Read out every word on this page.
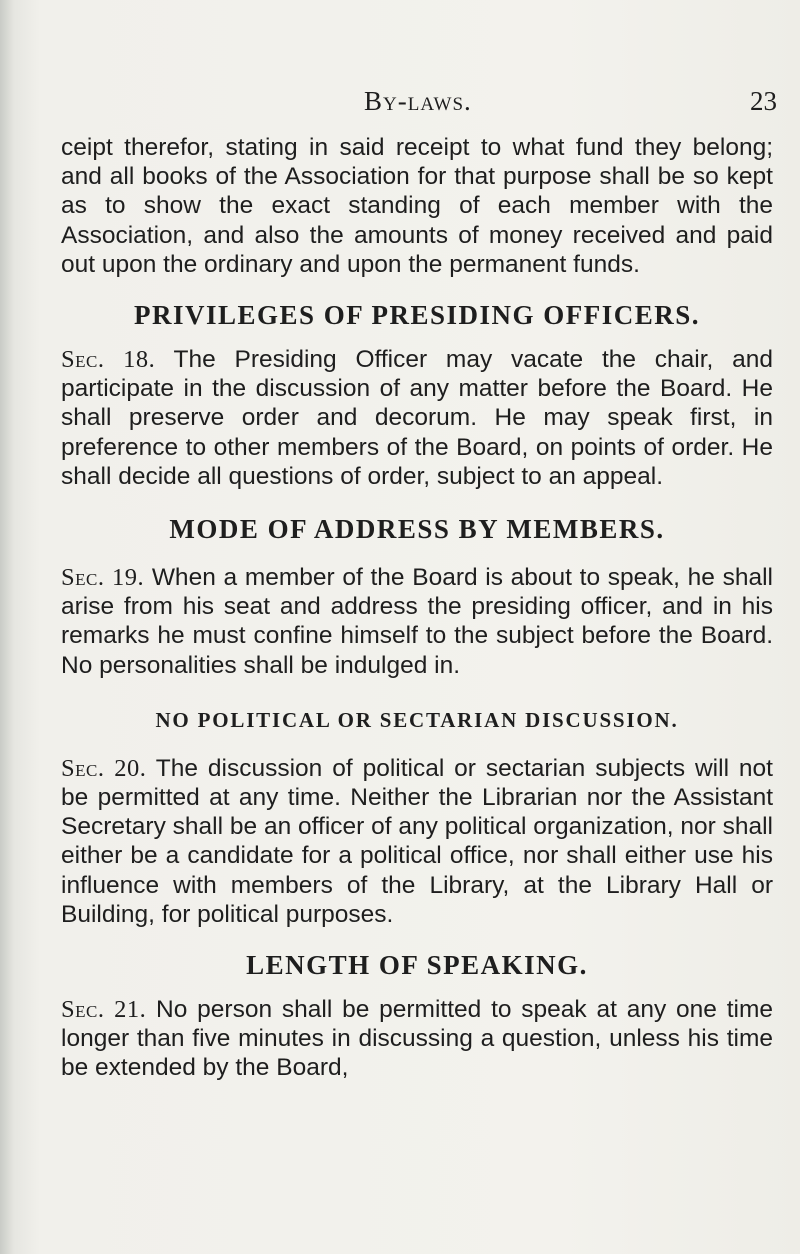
By-laws.	23

ceipt therefor, stating in said receipt to what fund they belong; and all books of the Association for that purpose shall be so kept as to show the exact standing of each member with the Association, and also the amounts of money received and paid out upon the ordinary and upon the permanent funds.

PRIVILEGES OF PRESIDING OFFICERS.

Sec. 18. The Presiding Officer may vacate the chair, and participate in the discussion of any matter before the Board. He shall preserve order and decorum. He may speak first, in preference to other members of the Board, on points of order. He shall decide all questions of order, subject to an appeal.

MODE OF ADDRESS BY MEMBERS.

Sec. 19. When a member of the Board is about to speak, he shall arise from his seat and address the presiding officer, and in his remarks he must confine himself to the subject before the Board. No personalities shall be indulged in.

NO POLITICAL OR SECTARIAN DISCUSSION.

Sec. 20. The discussion of political or sectarian subjects will not be permitted at any time. Neither the Librarian nor the Assistant Secretary shall be an officer of any political organization, nor shall either be a candidate for a political office, nor shall either use his influence with members of the Library, at the Library Hall or Building, for political purposes.

LENGTH OF SPEAKING.

Sec. 21. No person shall be permitted to speak at any one time longer than five minutes in discussing a question, unless his time be extended by the Board,
